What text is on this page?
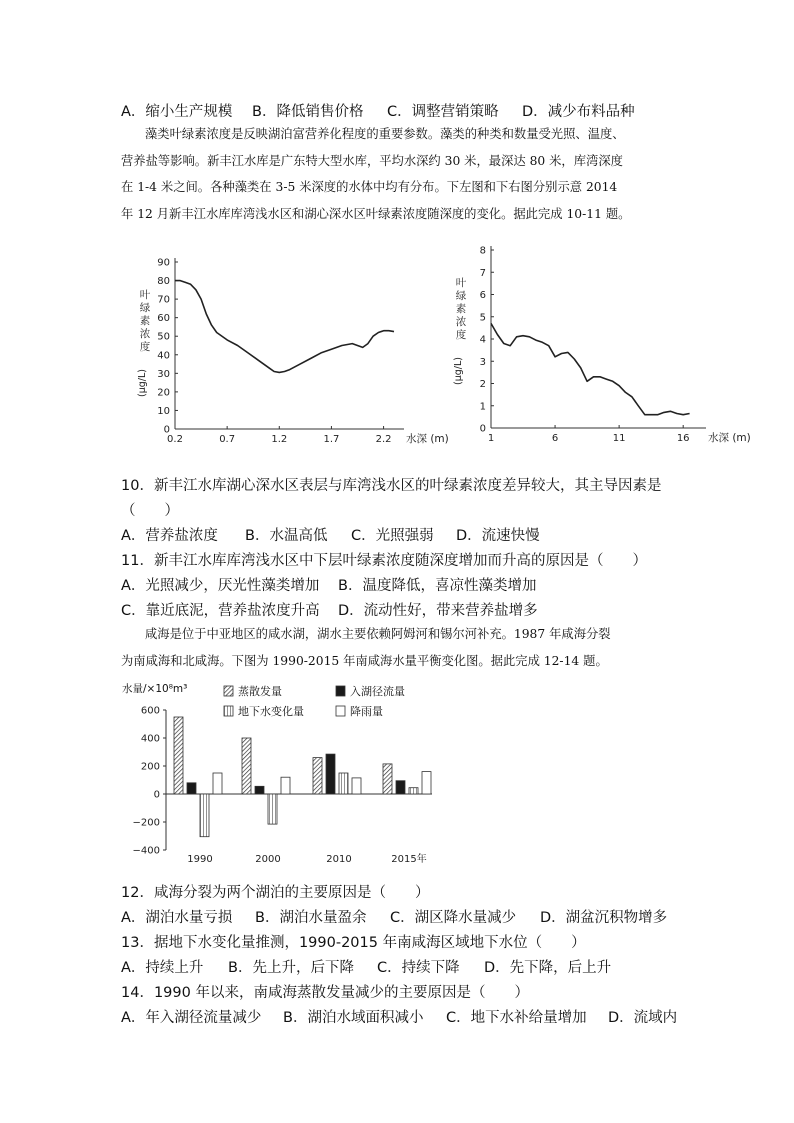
A．缩小生产规模 B．降低销售价格 C．调整营销策略 D．减少布料品种
藻类叶绿素浓度是反映湖泊富营养化程度的重要参数。藻类的种类和数量受光照、温度、
营养盐等影响。新丰江水库是广东特大型水库，平均水深约 30 米，最深达 80 米，库湾深度
在 1-4 米之间。各种藻类在 3-5 米深度的水体中均有分布。下左图和下右图分别示意 2014
年 12 月新丰江水库库湾浅水区和湖心深水区叶绿素浓度随深度的变化。据此完成 10-11 题。
0
10
20
30
40
50
60
70
80
90
0.2	0.7	1.2	1.7	2.2
叶
绿
素
浓
度
(μg/L)
水深 (m)
0
1
2
3
4
5
6
7
8
1	6	11	16
叶
绿
素
浓
度
(μg/L)
水深 (m)
10．新丰江水库湖心深水区表层与库湾浅水区的叶绿素浓度差异较大，其主导因素是
（　　）
A．营养盐浓度 B．水温高低 C．光照强弱 D．流速快慢
11．新丰江水库库湾浅水区中下层叶绿素浓度随深度增加而升高的原因是（　　）
A．光照减少，厌光性藻类增加 B．温度降低，喜凉性藻类增加
C．靠近底泥，营养盐浓度升高 D．流动性好，带来营养盐增多
咸海是位于中亚地区的咸水湖，湖水主要依赖阿姆河和锡尔河补充。1987 年咸海分裂
为南咸海和北咸海。下图为 1990-2015 年南咸海水量平衡变化图。据此完成 12-14 题。
水量/×10⁸m³
600
400
200
0
−200
−400
1990	2000	2010	2015年
蒸散发量	入湖径流量
地下水变化量	降雨量
12．咸海分裂为两个湖泊的主要原因是（　　）
A．湖泊水量亏损 B．湖泊水量盈余 C．湖区降水量减少 D．湖盆沉积物增多
13．据地下水变化量推测，1990-2015 年南咸海区域地下水位（　　）
A．持续上升 B．先上升，后下降 C．持续下降 D．先下降，后上升
14．1990 年以来，南咸海蒸散发量减少的主要原因是（　　）
A．年入湖径流量减少 B．湖泊水域面积减小 C．地下水补给量增加 D．流域内
